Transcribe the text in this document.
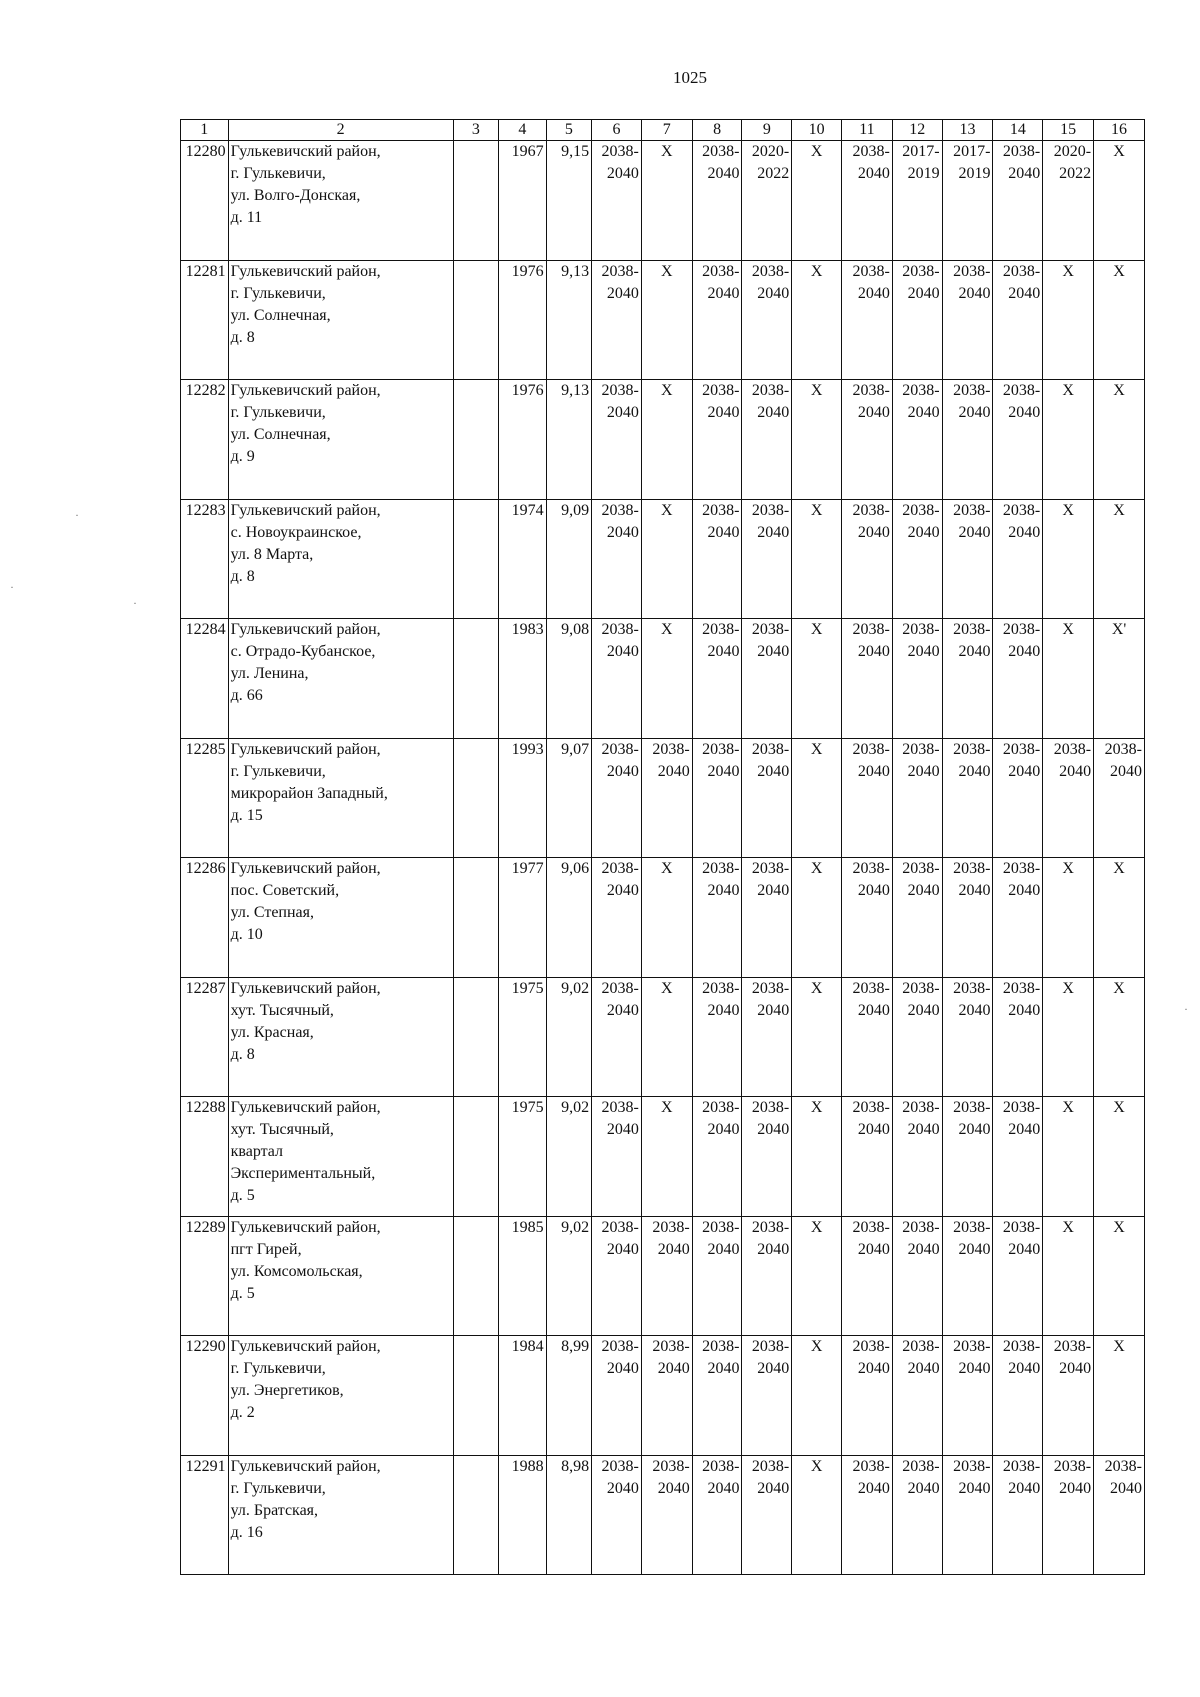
1025
1	2	3	4	5	6	7	8	9	10	11	12	13	14	15	16
12280	Гулькевичский район,
г. Гулькевичи,
ул. Волго-Донская,
д. 11		1967	9,15	2038-
2040	Х	2038-
2040	2020-
2022	Х	2038-
2040	2017-
2019	2017-
2019	2038-
2040	2020-
2022	Х
12281	Гулькевичский район,
г. Гулькевичи,
ул. Солнечная,
д. 8		1976	9,13	2038-
2040	Х	2038-
2040	2038-
2040	Х	2038-
2040	2038-
2040	2038-
2040	2038-
2040	Х	Х
12282	Гулькевичский район,
г. Гулькевичи,
ул. Солнечная,
д. 9		1976	9,13	2038-
2040	Х	2038-
2040	2038-
2040	Х	2038-
2040	2038-
2040	2038-
2040	2038-
2040	Х	Х
12283	Гулькевичский район,
с. Новоукраинское,
ул. 8 Марта,
д. 8		1974	9,09	2038-
2040	Х	2038-
2040	2038-
2040	Х	2038-
2040	2038-
2040	2038-
2040	2038-
2040	Х	Х
12284	Гулькевичский район,
с. Отрадо-Кубанское,
ул. Ленина,
д. 66		1983	9,08	2038-
2040	Х	2038-
2040	2038-
2040	Х	2038-
2040	2038-
2040	2038-
2040	2038-
2040	Х	Х'
12285	Гулькевичский район,
г. Гулькевичи,
микрорайон Западный,
д. 15		1993	9,07	2038-
2040	2038-
2040	2038-
2040	2038-
2040	Х	2038-
2040	2038-
2040	2038-
2040	2038-
2040	2038-
2040	2038-
2040
12286	Гулькевичский район,
пос. Советский,
ул. Степная,
д. 10		1977	9,06	2038-
2040	Х	2038-
2040	2038-
2040	Х	2038-
2040	2038-
2040	2038-
2040	2038-
2040	Х	Х
12287	Гулькевичский район,
хут. Тысячный,
ул. Красная,
д. 8		1975	9,02	2038-
2040	Х	2038-
2040	2038-
2040	Х	2038-
2040	2038-
2040	2038-
2040	2038-
2040	Х	Х
12288	Гулькевичский район,
хут. Тысячный,
квартал
Экспериментальный,
д. 5		1975	9,02	2038-
2040	Х	2038-
2040	2038-
2040	Х	2038-
2040	2038-
2040	2038-
2040	2038-
2040	Х	Х
12289	Гулькевичский район,
пгт Гирей,
ул. Комсомольская,
д. 5		1985	9,02	2038-
2040	2038-
2040	2038-
2040	2038-
2040	Х	2038-
2040	2038-
2040	2038-
2040	2038-
2040	Х	Х
12290	Гулькевичский район,
г. Гулькевичи,
ул. Энергетиков,
д. 2		1984	8,99	2038-
2040	2038-
2040	2038-
2040	2038-
2040	Х	2038-
2040	2038-
2040	2038-
2040	2038-
2040	2038-
2040	Х
12291	Гулькевичский район,
г. Гулькевичи,
ул. Братская,
д. 16		1988	8,98	2038-
2040	2038-
2040	2038-
2040	2038-
2040	Х	2038-
2040	2038-
2040	2038-
2040	2038-
2040	2038-
2040	2038-
2040
·
·
·
·
